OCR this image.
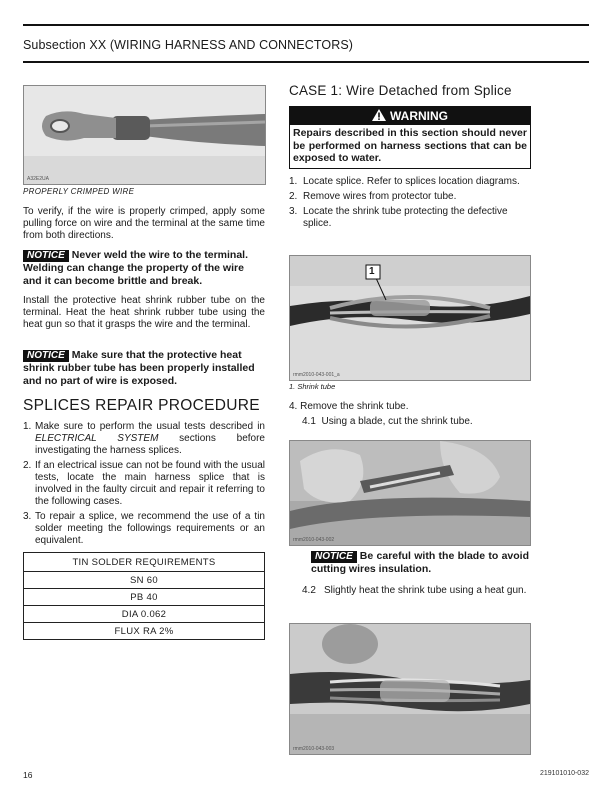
Subsection XX (WIRING HARNESS AND CONNECTORS)
A32E2UA
PROPERLY CRIMPED WIRE
To verify, if the wire is properly crimped, apply some pulling force on wire and the terminal at the same time from both directions.
NOTICE Never weld the wire to the terminal. Welding can change the property of the wire and it can become brittle and break.
Install the protective heat shrink rubber tube on the terminal. Heat the heat shrink rubber tube using the heat gun so that it grasps the wire and the terminal.
NOTICE Make sure that the protective heat shrink rubber tube has been properly installed and no part of wire is exposed.
SPLICES REPAIR PROCEDURE
1. Make sure to perform the usual tests described in ELECTRICAL SYSTEM sections before investigating the harness splices.
2. If an electrical issue can not be found with the usual tests, locate the main harness splice that is involved in the faulty circuit and repair it referring to the following cases.
3. To repair a splice, we recommend the use of a tin solder meeting the followings requirements or an equivalent.
TIN SOLDER REQUIREMENTS
SN 60
PB 40
DIA 0.062
FLUX RA 2%
CASE 1: Wire Detached from Splice
WARNING
Repairs described in this section should never be performed on harness sections that can be exposed to water.
1. Locate splice. Refer to splices location diagrams.
2. Remove wires from protector tube.
3. Locate the shrink tube protecting the defective splice.
1
rmm2010-043-001_a
1. Shrink tube
4. Remove the shrink tube.
4.1 Using a blade, cut the shrink tube.
rmm2010-043-002
NOTICE Be careful with the blade to avoid cutting wires insulation.
4.2 Slightly heat the shrink tube using a heat gun.
rmm2010-043-003
16	219101010-032
